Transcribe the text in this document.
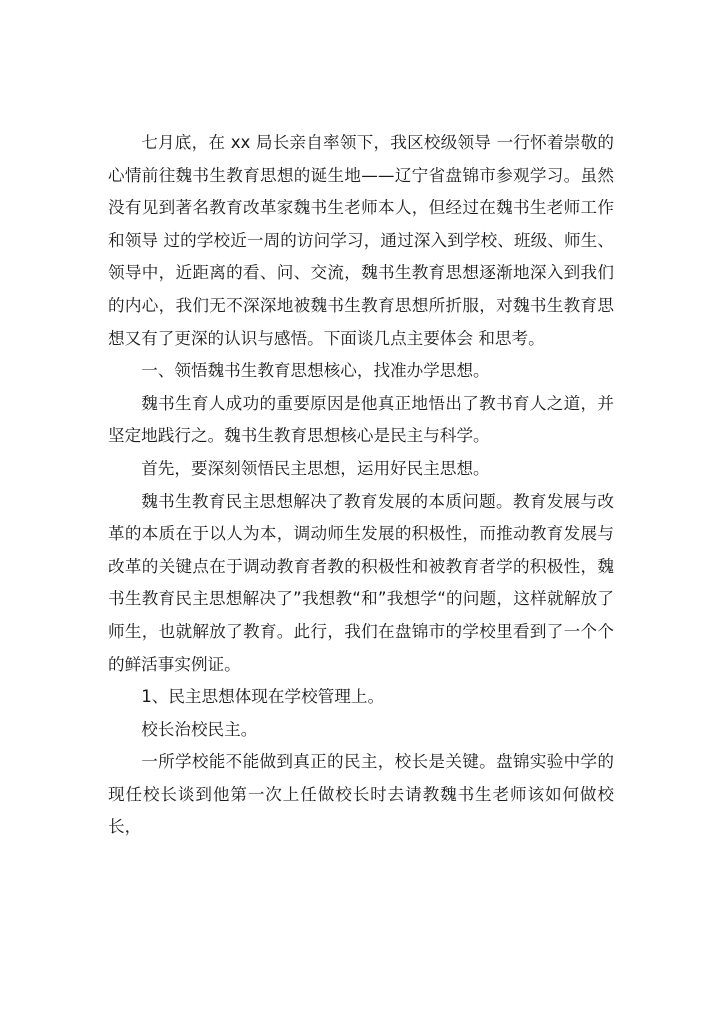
七月底，在 xx 局长亲自率领下，我区校级领导 一行怀着崇敬的心情前往魏书生教育思想的诞生地——辽宁省盘锦市参观学习。虽然没有见到著名教育改革家魏书生老师本人，但经过在魏书生老师工作和领导 过的学校近一周的访问学习，通过深入到学校、班级、师生、领导中，近距离的看、问、交流，魏书生教育思想逐渐地深入到我们的内心，我们无不深深地被魏书生教育思想所折服，对魏书生教育思想又有了更深的认识与感悟。下面谈几点主要体会 和思考。

一、领悟魏书生教育思想核心，找准办学思想。

魏书生育人成功的重要原因是他真正地悟出了教书育人之道，并坚定地践行之。魏书生教育思想核心是民主与科学。

首先，要深刻领悟民主思想，运用好民主思想。

魏书生教育民主思想解决了教育发展的本质问题。教育发展与改革的本质在于以人为本，调动师生发展的积极性，而推动教育发展与改革的关键点在于调动教育者教的积极性和被教育者学的积极性，魏书生教育民主思想解决了”我想教“和”我想学“的问题，这样就解放了师生，也就解放了教育。此行，我们在盘锦市的学校里看到了一个个的鲜活事实例证。

1、民主思想体现在学校管理上。

校长治校民主。

一所学校能不能做到真正的民主，校长是关键。盘锦实验中学的现任校长谈到他第一次上任做校长时去请教魏书生老师该如何做校长，
